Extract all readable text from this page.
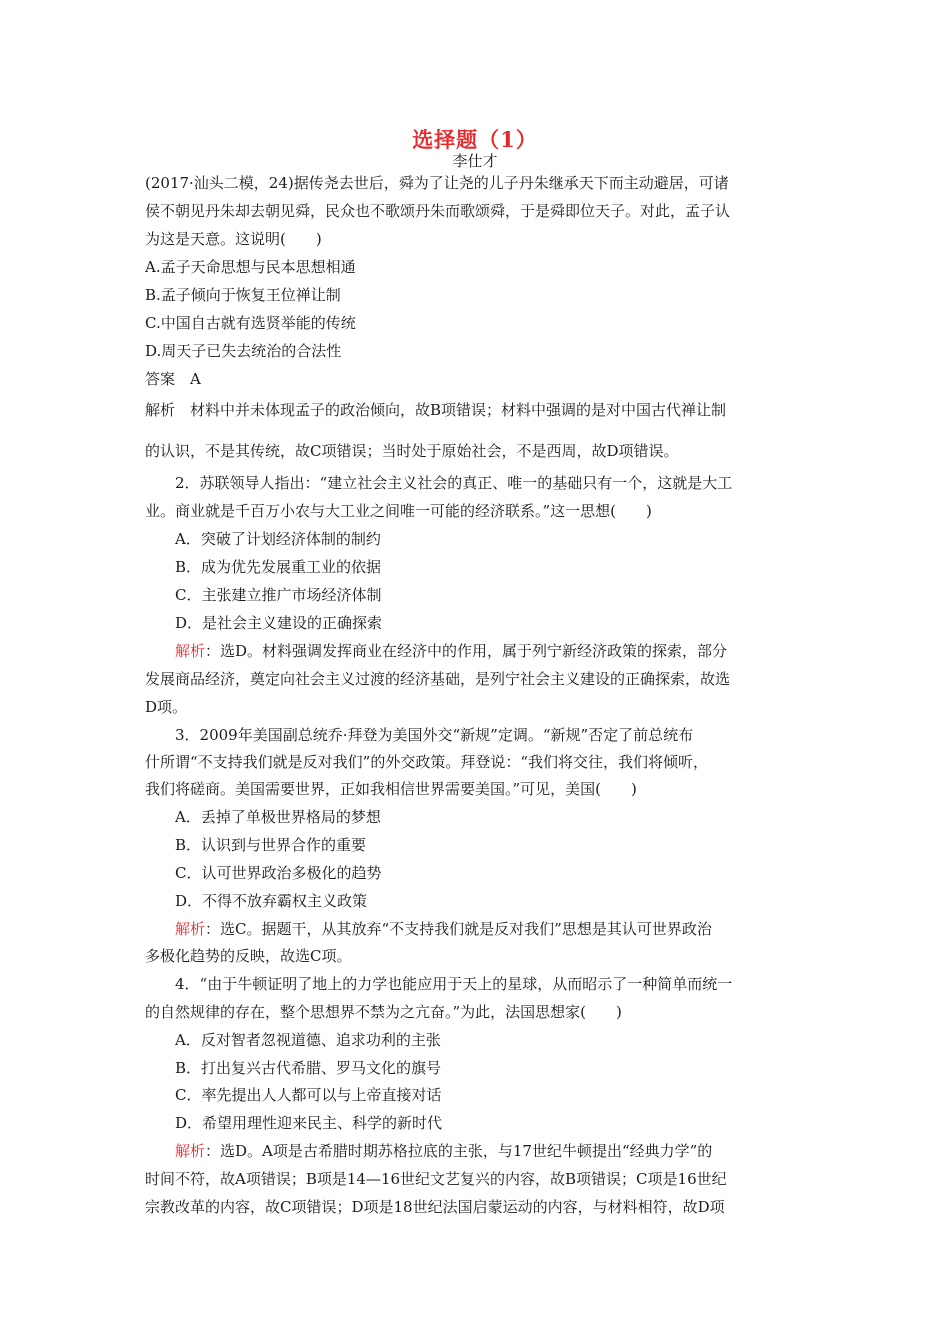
选择题（1）
李仕才
(2017·汕头二模，24)据传尧去世后，舜为了让尧的儿子丹朱继承天下而主动避居，可诸
侯不朝见丹朱却去朝见舜，民众也不歌颂丹朱而歌颂舜，于是舜即位天子。对此，孟子认
为这是天意。这说明(　　)
A.孟子天命思想与民本思想相通
B.孟子倾向于恢复王位禅让制
C.中国自古就有选贤举能的传统
D.周天子已失去统治的合法性
答案　A
解析　材料中并未体现孟子的政治倾向，故B项错误；材料中强调的是对中国古代禅让制
的认识，不是其传统，故C项错误；当时处于原始社会，不是西周，故D项错误。
2．苏联领导人指出：“建立社会主义社会的真正、唯一的基础只有一个，这就是大工
业。商业就是千百万小农与大工业之间唯一可能的经济联系。”这一思想(　　)
A．突破了计划经济体制的制约
B．成为优先发展重工业的依据
C．主张建立推广市场经济体制
D．是社会主义建设的正确探索
解析：选D。材料强调发挥商业在经济中的作用，属于列宁新经济政策的探索，部分
发展商品经济，奠定向社会主义过渡的经济基础，是列宁社会主义建设的正确探索，故选
D项。
3．2009年美国副总统乔·拜登为美国外交“新规”定调。“新规”否定了前总统布
什所谓“不支持我们就是反对我们”的外交政策。拜登说：“我们将交往，我们将倾听，
我们将磋商。美国需要世界，正如我相信世界需要美国。”可见，美国(　　)
A．丢掉了单极世界格局的梦想
B．认识到与世界合作的重要
C．认可世界政治多极化的趋势
D．不得不放弃霸权主义政策
解析：选C。据题干，从其放弃“不支持我们就是反对我们”思想是其认可世界政治
多极化趋势的反映，故选C项。
4．“由于牛顿证明了地上的力学也能应用于天上的星球，从而昭示了一种简单而统一
的自然规律的存在，整个思想界不禁为之亢奋。”为此，法国思想家(　　)
A．反对智者忽视道德、追求功利的主张
B．打出复兴古代希腊、罗马文化的旗号
C．率先提出人人都可以与上帝直接对话
D．希望用理性迎来民主、科学的新时代
解析：选D。A项是古希腊时期苏格拉底的主张，与17世纪牛顿提出“经典力学”的
时间不符，故A项错误；B项是14—16世纪文艺复兴的内容，故B项错误；C项是16世纪
宗教改革的内容，故C项错误；D项是18世纪法国启蒙运动的内容，与材料相符，故D项
